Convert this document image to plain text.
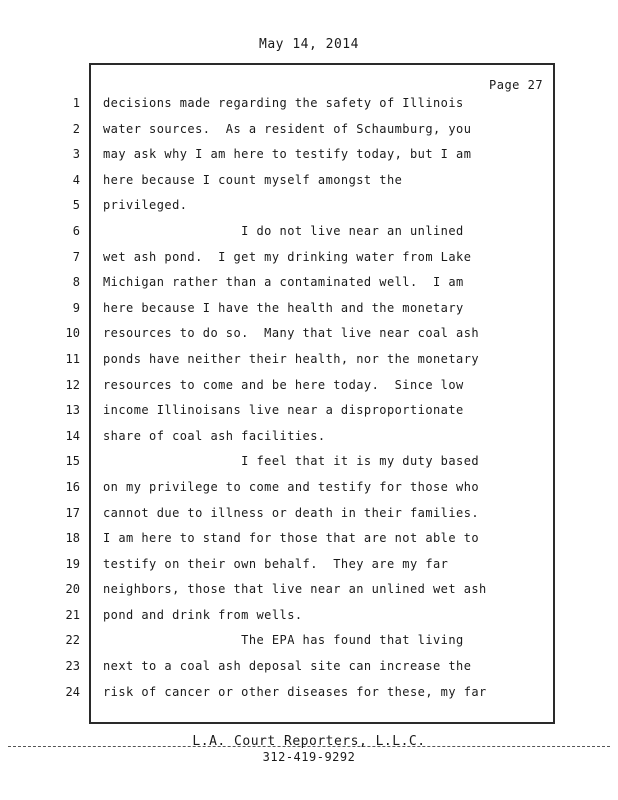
May 14, 2014
Page 27
1 decisions made regarding the safety of Illinois
2 water sources.  As a resident of Schaumburg, you
3 may ask why I am here to testify today, but I am
4 here because I count myself amongst the
5 privileged.
6 I do not live near an unlined
7 wet ash pond.  I get my drinking water from Lake
8 Michigan rather than a contaminated well.  I am
9 here because I have the health and the monetary
10 resources to do so.  Many that live near coal ash
11 ponds have neither their health, nor the monetary
12 resources to come and be here today.  Since low
13 income Illinoisans live near a disproportionate
14 share of coal ash facilities.
15 I feel that it is my duty based
16 on my privilege to come and testify for those who
17 cannot due to illness or death in their families.
18 I am here to stand for those that are not able to
19 testify on their own behalf.  They are my far
20 neighbors, those that live near an unlined wet ash
21 pond and drink from wells.
22 The EPA has found that living
23 next to a coal ash deposal site can increase the
24 risk of cancer or other diseases for these, my far
L.A. Court Reporters, L.L.C.
312-419-9292
